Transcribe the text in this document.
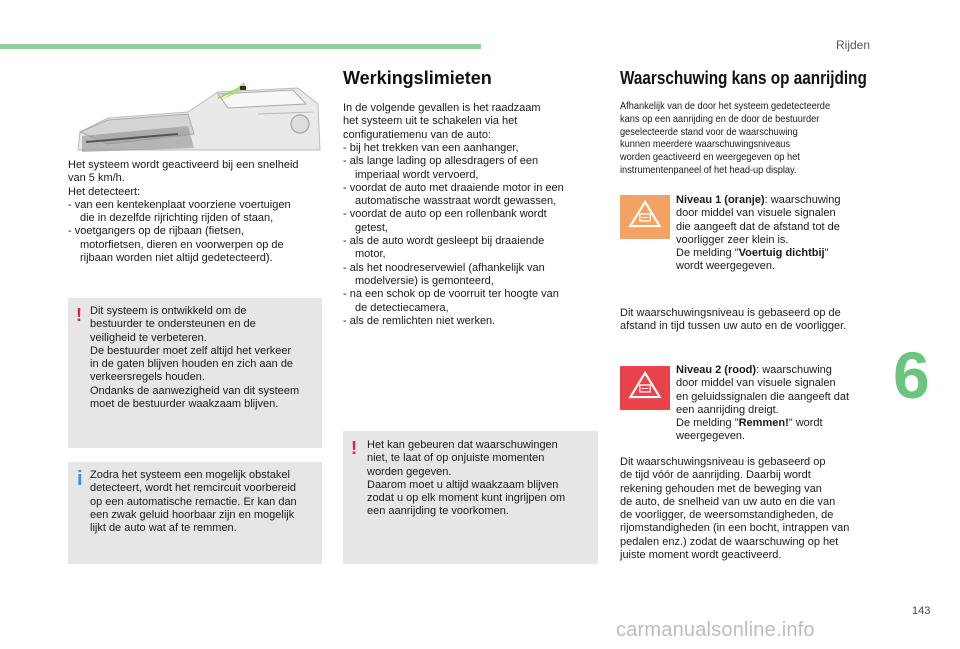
Rijden
6
143
carmanualsonline.info
Het systeem wordt geactiveerd bij een snelheid
van 5 km/h.
Het detecteert:
- van een kentekenplaat voorziene voertuigen
die in dezelfde rijrichting rijden of staan,
- voetgangers op de rijbaan (fietsen,
motorfietsen, dieren en voorwerpen op de
rijbaan worden niet altijd gedetecteerd).
! Dit systeem is ontwikkeld om de
bestuurder te ondersteunen en de
veiligheid te verbeteren.
De bestuurder moet zelf altijd het verkeer
in de gaten blijven houden en zich aan de
verkeersregels houden.
Ondanks de aanwezigheid van dit systeem
moet de bestuurder waakzaam blijven.
i Zodra het systeem een mogelijk obstakel
detecteert, wordt het remcircuit voorbereid
op een automatische remactie. Er kan dan
een zwak geluid hoorbaar zijn en mogelijk
lijkt de auto wat af te remmen.
Werkingslimieten
In de volgende gevallen is het raadzaam
het systeem uit te schakelen via het
configuratiemenu van de auto:
- bij het trekken van een aanhanger,
- als lange lading op allesdragers of een
imperiaal wordt vervoerd,
- voordat de auto met draaiende motor in een
automatische wasstraat wordt gewassen,
- voordat de auto op een rollenbank wordt
getest,
- als de auto wordt gesleept bij draaiende
motor,
- als het noodreservewiel (afhankelijk van
modelversie) is gemonteerd,
- na een schok op de voorruit ter hoogte van
de detectiecamera,
- als de remlichten niet werken.
! Het kan gebeuren dat waarschuwingen
niet, te laat of op onjuiste momenten
worden gegeven.
Daarom moet u altijd waakzaam blijven
zodat u op elk moment kunt ingrijpen om
een aanrijding te voorkomen.
Waarschuwing kans op aanrijding
Afhankelijk van de door het systeem gedetecteerde
kans op een aanrijding en de door de bestuurder
geselecteerde stand voor de waarschuwing
kunnen meerdere waarschuwingsniveaus
worden geactiveerd en weergegeven op het
instrumentenpaneel of het head-up display.
Niveau 1 (oranje): waarschuwing
door middel van visuele signalen
die aangeeft dat de afstand tot de
voorligger zeer klein is.
De melding "Voertuig dichtbij"
wordt weergegeven.
Dit waarschuwingsniveau is gebaseerd op de
afstand in tijd tussen uw auto en de voorligger.
Niveau 2 (rood): waarschuwing
door middel van visuele signalen
en geluidssignalen die aangeeft dat
een aanrijding dreigt.
De melding "Remmen!" wordt
weergegeven.
Dit waarschuwingsniveau is gebaseerd op
de tijd vóór de aanrijding. Daarbij wordt
rekening gehouden met de beweging van
de auto, de snelheid van uw auto en die van
de voorligger, de weersomstandigheden, de
rijomstandigheden (in een bocht, intrappen van
pedalen enz.) zodat de waarschuwing op het
juiste moment wordt geactiveerd.
